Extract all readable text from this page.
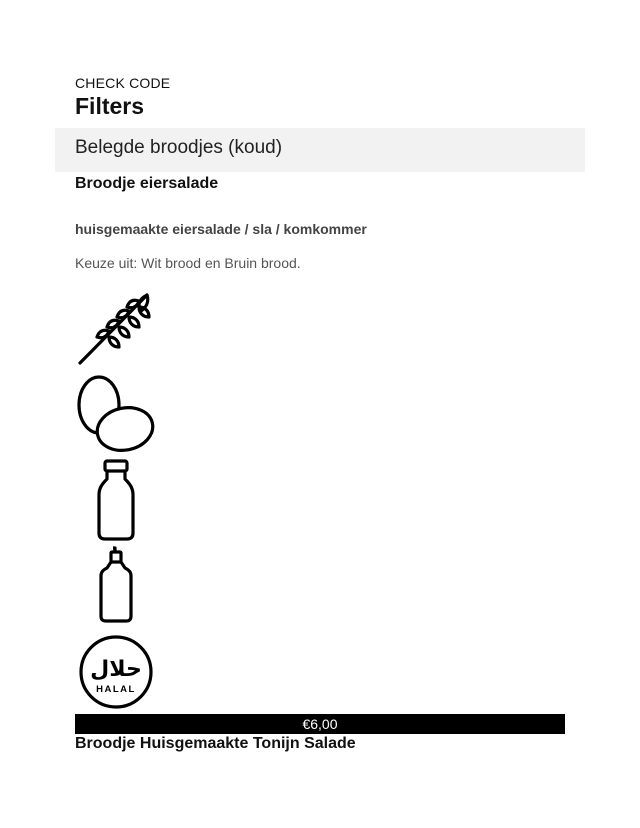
CHECK CODE
Filters
Belegde broodjes (koud)
Broodje eiersalade
huisgemaakte eiersalade / sla / komkommer
Keuze uit: Wit brood en Bruin brood.
حلال
HALAL
€6,00
Broodje Huisgemaakte Tonijn Salade
